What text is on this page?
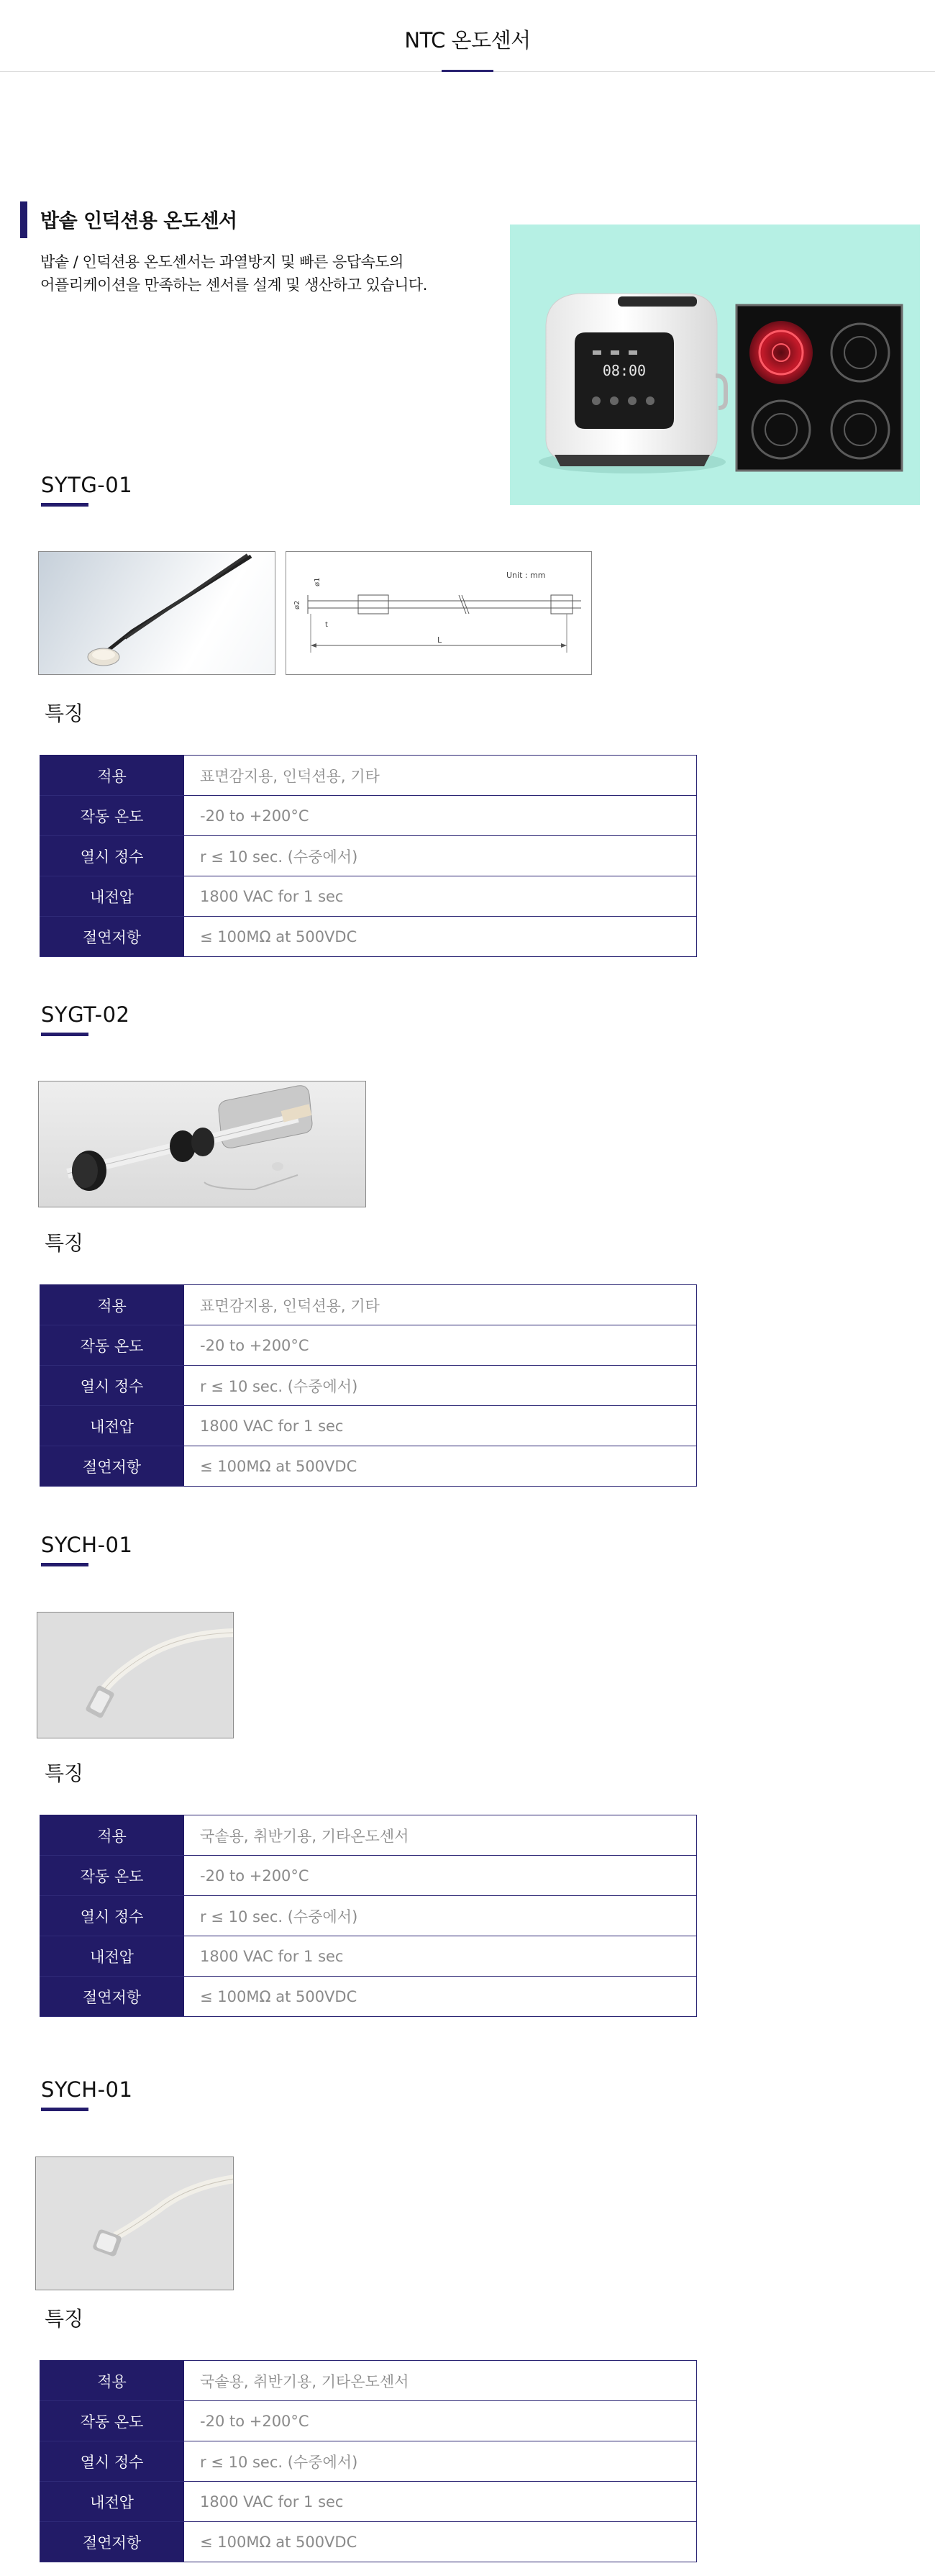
NTC 온도센서
밥솥 인덕션용 온도센서
밥솥 / 인덕션용 온도센서는 과열방지 및 빠른 응답속도의
어플리케이션을 만족하는 센서를 설계 및 생산하고 있습니다.
08:00
SYTG-01
L
Unit : mm
ø1
ø2
t
특징
적용	표면감지용, 인덕션용, 기타
작동 온도	-20 to +200°C
열시 정수	r ≤ 10 sec. (수중에서)
내전압	1800 VAC for 1 sec
절연저항	≤ 100MΩ at 500VDC
SYGT-02
특징
적용	표면감지용, 인덕션용, 기타
작동 온도	-20 to +200°C
열시 정수	r ≤ 10 sec. (수중에서)
내전압	1800 VAC for 1 sec
절연저항	≤ 100MΩ at 500VDC
SYCH-01
특징
적용	국솥용, 취반기용, 기타온도센서
작동 온도	-20 to +200°C
열시 정수	r ≤ 10 sec. (수중에서)
내전압	1800 VAC for 1 sec
절연저항	≤ 100MΩ at 500VDC
SYCH-01
특징
적용	국솥용, 취반기용, 기타온도센서
작동 온도	-20 to +200°C
열시 정수	r ≤ 10 sec. (수중에서)
내전압	1800 VAC for 1 sec
절연저항	≤ 100MΩ at 500VDC
